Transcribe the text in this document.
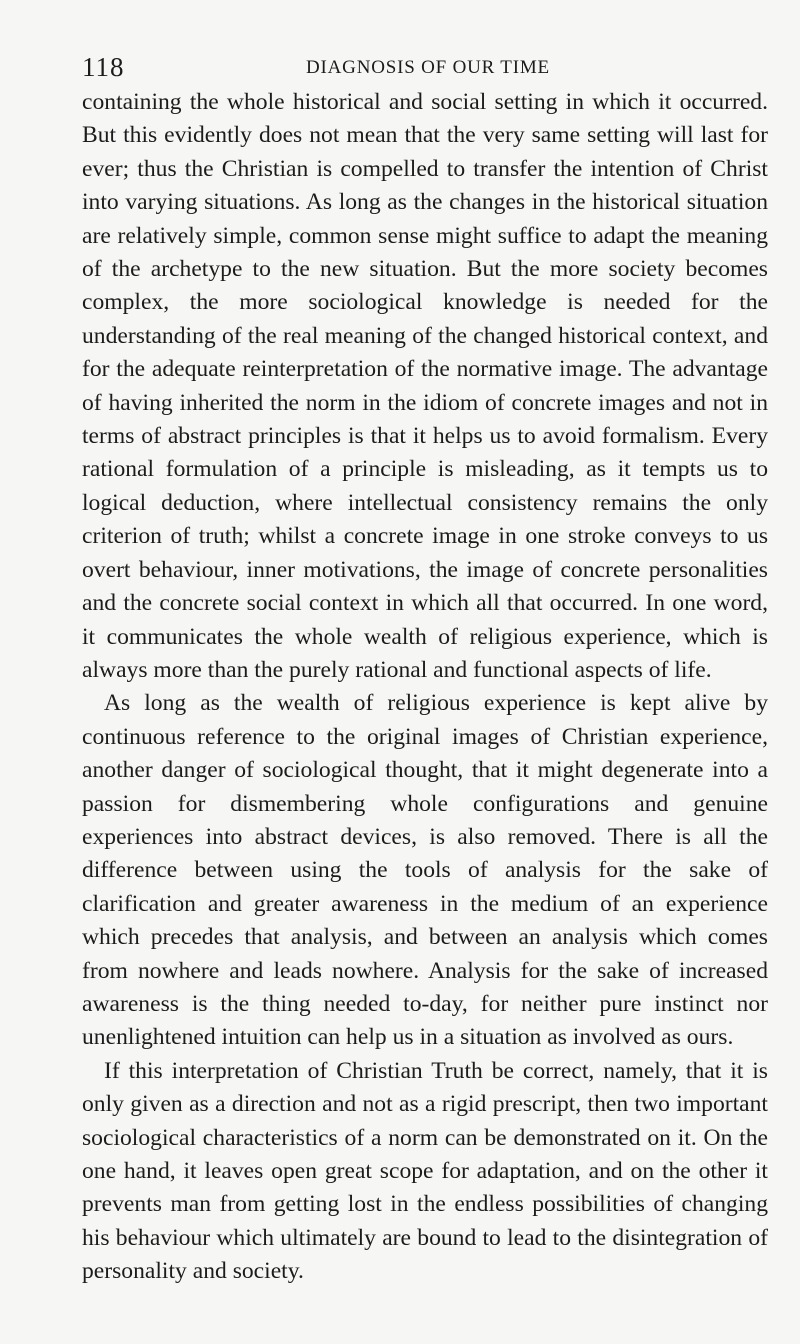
118	DIAGNOSIS OF OUR TIME

containing the whole historical and social setting in which it occurred. But this evidently does not mean that the very same setting will last for ever; thus the Christian is compelled to transfer the intention of Christ into varying situations. As long as the changes in the historical situation are relatively simple, common sense might suffice to adapt the meaning of the archetype to the new situation. But the more society becomes complex, the more sociological knowledge is needed for the understanding of the real meaning of the changed historical context, and for the adequate reinterpretation of the normative image. The advantage of having inherited the norm in the idiom of concrete images and not in terms of abstract principles is that it helps us to avoid formalism. Every rational formulation of a principle is misleading, as it tempts us to logical deduction, where intellectual consistency remains the only criterion of truth; whilst a concrete image in one stroke conveys to us overt behaviour, inner motivations, the image of concrete personalities and the concrete social context in which all that occurred. In one word, it communicates the whole wealth of religious experience, which is always more than the purely rational and functional aspects of life.

As long as the wealth of religious experience is kept alive by continuous reference to the original images of Christian experience, another danger of sociological thought, that it might degenerate into a passion for dismembering whole configurations and genuine experiences into abstract devices, is also removed. There is all the difference between using the tools of analysis for the sake of clarification and greater awareness in the medium of an experience which precedes that analysis, and between an analysis which comes from nowhere and leads nowhere. Analysis for the sake of increased awareness is the thing needed to-day, for neither pure instinct nor unenlightened intuition can help us in a situation as involved as ours.

If this interpretation of Christian Truth be correct, namely, that it is only given as a direction and not as a rigid prescript, then two important sociological characteristics of a norm can be demonstrated on it. On the one hand, it leaves open great scope for adaptation, and on the other it prevents man from getting lost in the endless possibilities of changing his behaviour which ultimately are bound to lead to the disintegration of personality and society.
